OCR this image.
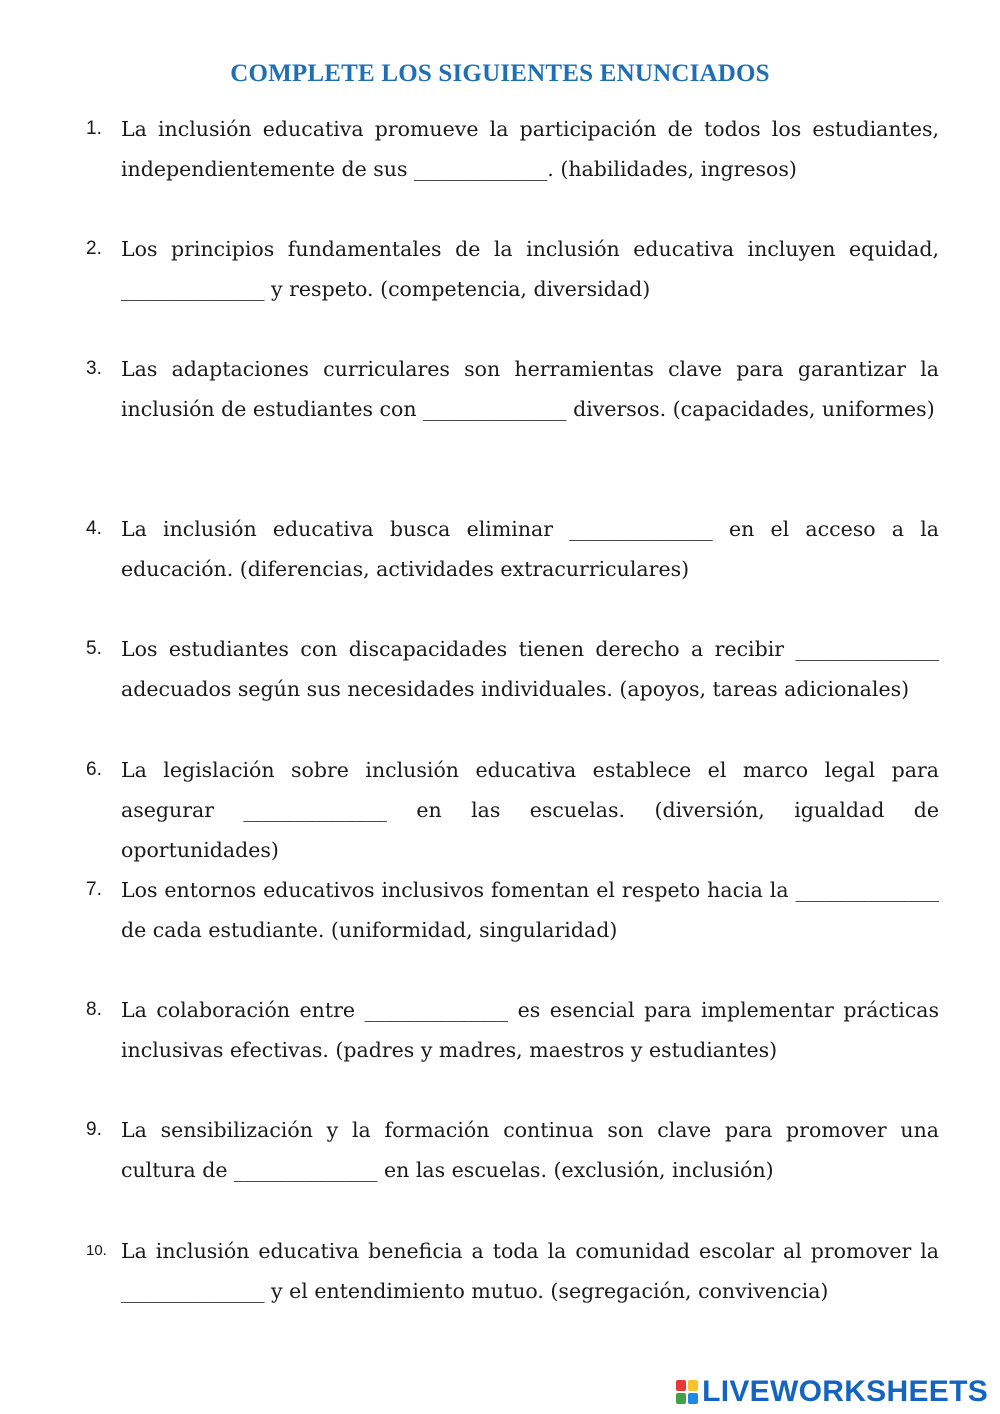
COMPLETE LOS SIGUIENTES ENUNCIADOS
1. La inclusión educativa promueve la participación de todos los estudiantes, independientemente de sus _____________. (habilidades, ingresos)
2. Los principios fundamentales de la inclusión educativa incluyen equidad, ______________ y respeto. (competencia, diversidad)
3. Las adaptaciones curriculares son herramientas clave para garantizar la inclusión de estudiantes con ______________ diversos. (capacidades, uniformes)
4. La inclusión educativa busca eliminar ______________ en el acceso a la educación. (diferencias, actividades extracurriculares)
5. Los estudiantes con discapacidades tienen derecho a recibir ______________ adecuados según sus necesidades individuales. (apoyos, tareas adicionales)
6. La legislación sobre inclusión educativa establece el marco legal para asegurar ______________ en las escuelas. (diversión, igualdad de oportunidades)
7. Los entornos educativos inclusivos fomentan el respeto hacia la ______________ de cada estudiante. (uniformidad, singularidad)
8. La colaboración entre ______________ es esencial para implementar prácticas inclusivas efectivas. (padres y madres, maestros y estudiantes)
9. La sensibilización y la formación continua son clave para promover una cultura de ______________ en las escuelas. (exclusión, inclusión)
10. La inclusión educativa beneficia a toda la comunidad escolar al promover la ______________ y el entendimiento mutuo. (segregación, convivencia)
LIVEWORKSHEETS
